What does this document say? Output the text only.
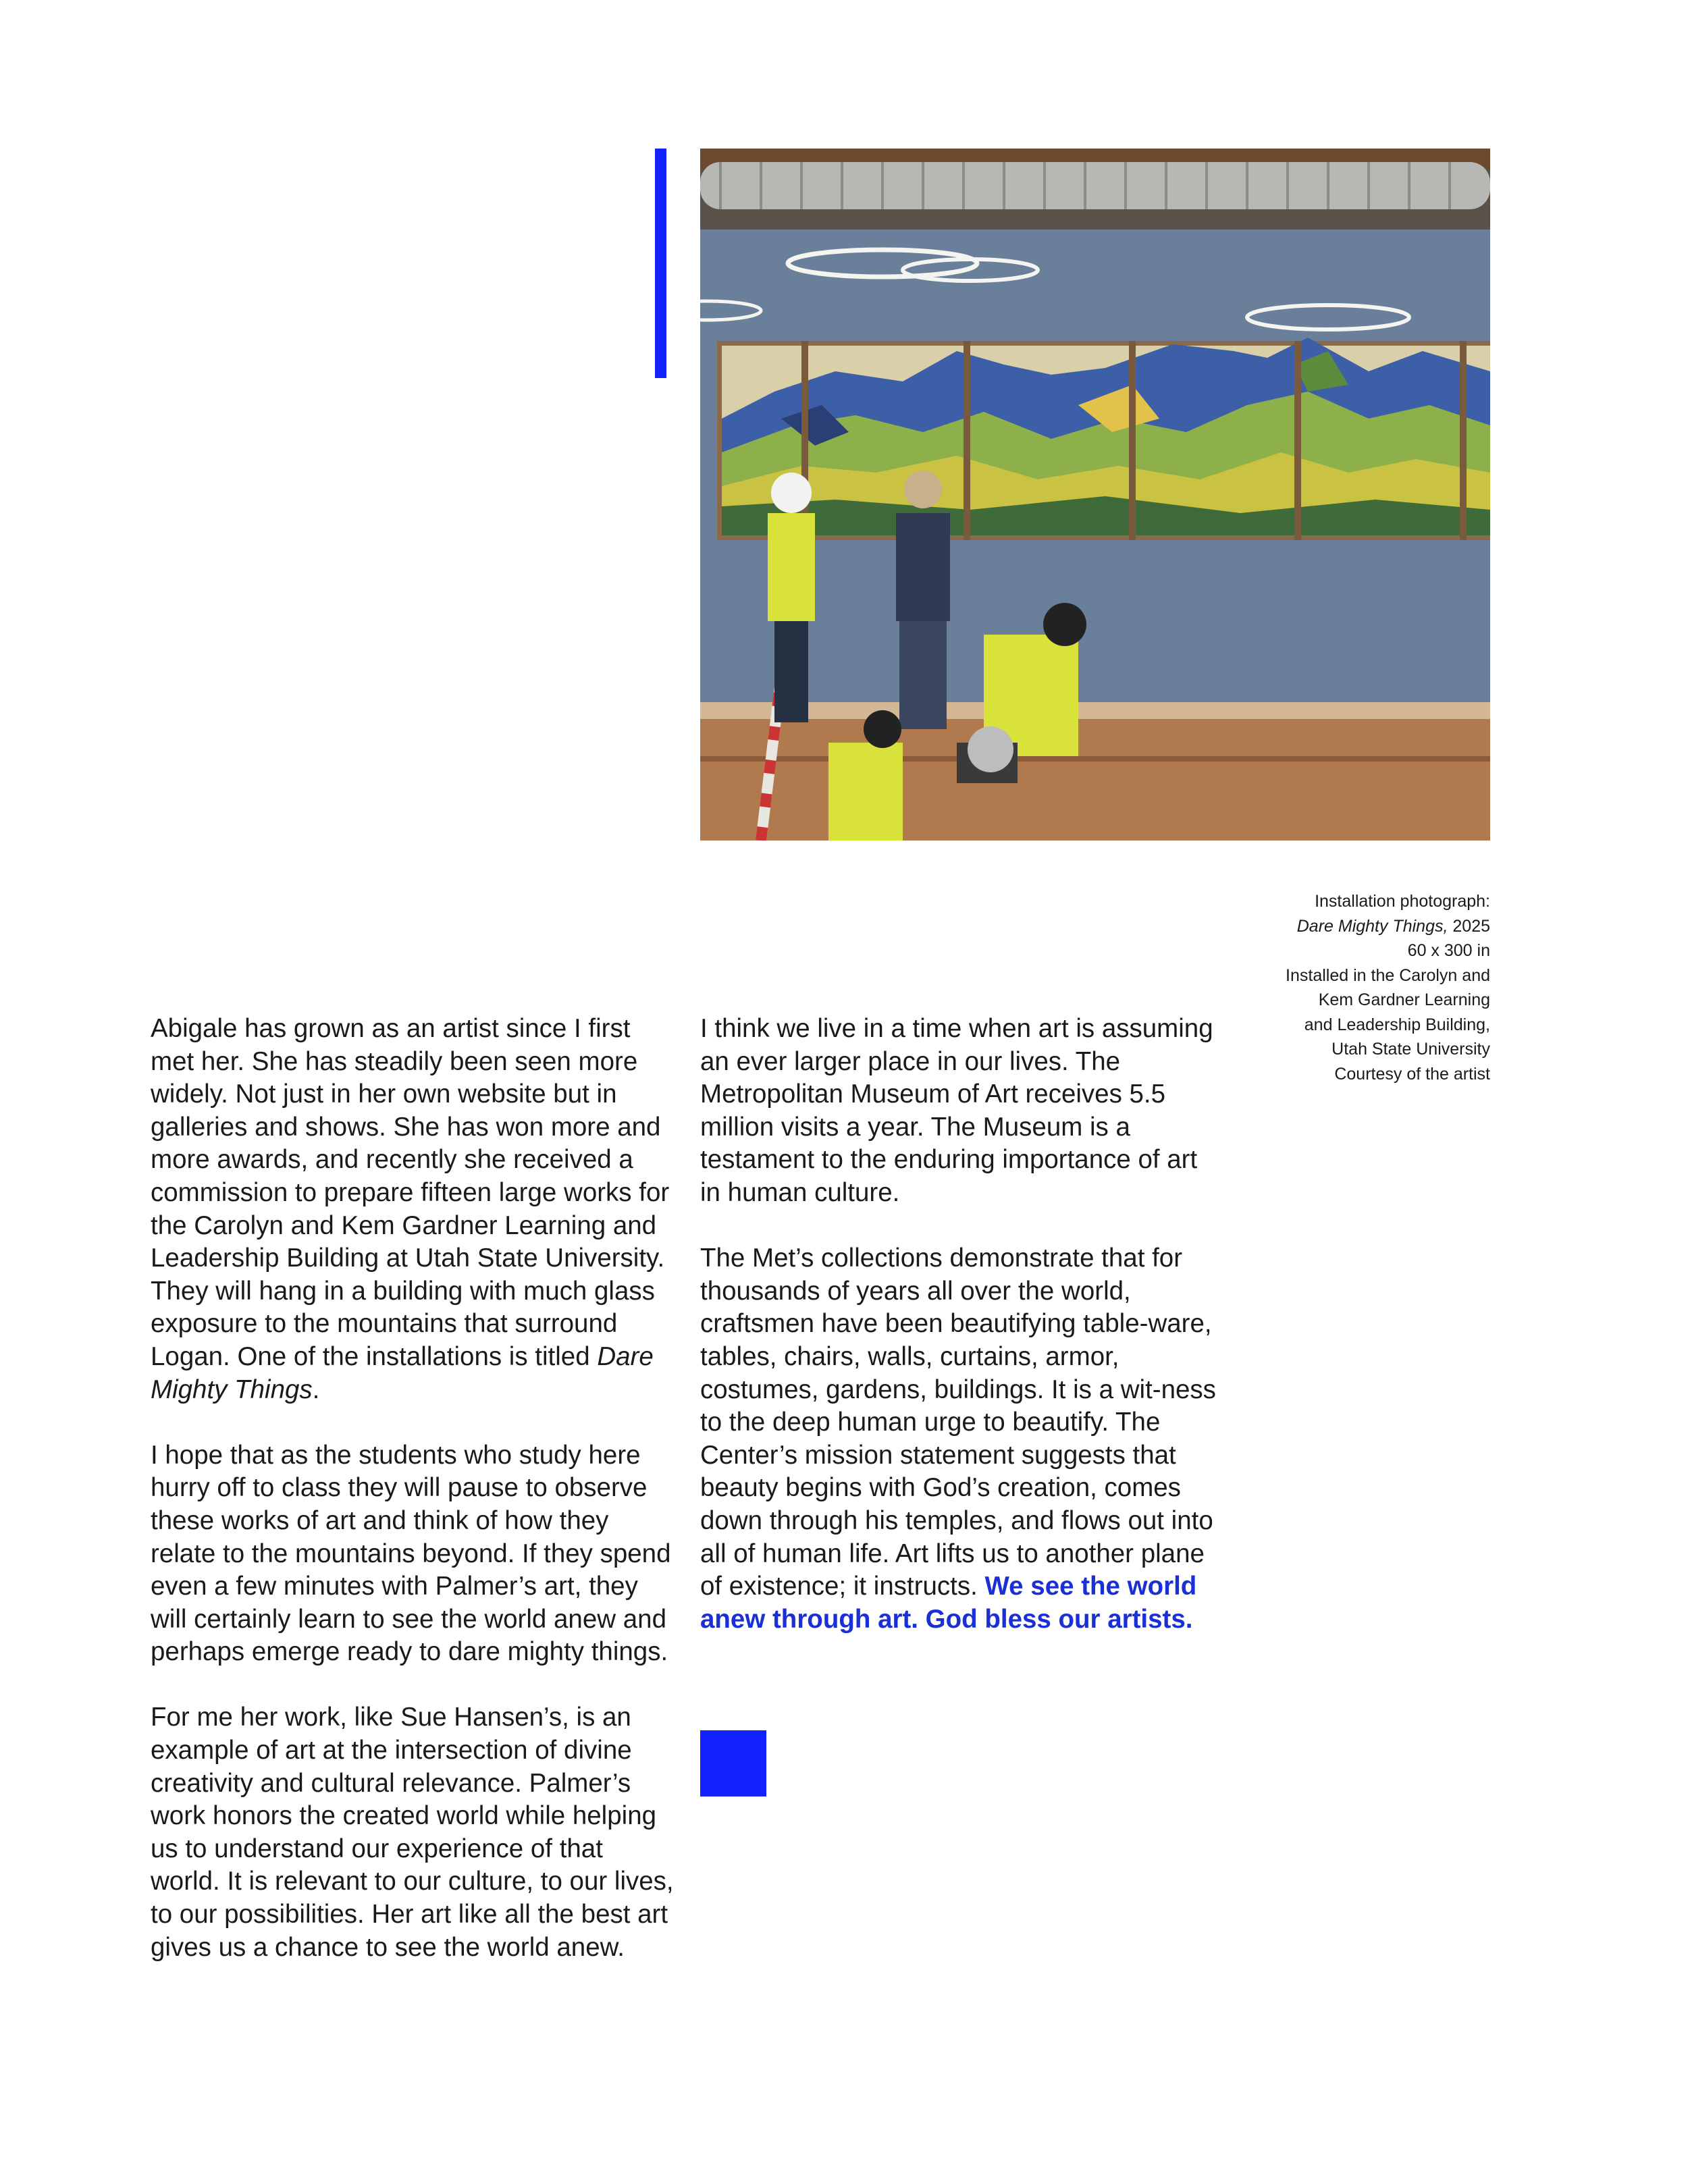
Installation photograph:
Dare Mighty Things, 2025
60 x 300 in
Installed in the Carolyn and
Kem Gardner Learning
and Leadership Building,
Utah State University
Courtesy of the artist

Abigale has grown as an artist since I first met her. She has steadily been seen more widely. Not just in her own website but in galleries and shows. She has won more and more awards, and recently she received a commission to prepare fifteen large works for the Carolyn and Kem Gardner Learning and Leadership Building at Utah State University. They will hang in a building with much glass exposure to the mountains that surround Logan. One of the installations is titled Dare Mighty Things.

I hope that as the students who study here hurry off to class they will pause to observe these works of art and think of how they relate to the mountains beyond. If they spend even a few minutes with Palmer’s art, they will certainly learn to see the world anew and perhaps emerge ready to dare mighty things.

For me her work, like Sue Hansen’s, is an example of art at the intersection of divine creativity and cultural relevance. Palmer’s work honors the created world while helping us to understand our experience of that world. It is relevant to our culture, to our lives, to our possibilities. Her art like all the best art gives us a chance to see the world anew.

I think we live in a time when art is assuming an ever larger place in our lives. The Metropolitan Museum of Art receives 5.5 million visits a year. The Museum is a testament to the enduring importance of art in human culture.

The Met’s collections demonstrate that for thousands of years all over the world, craftsmen have been beautifying table-ware, tables, chairs, walls, curtains, armor, costumes, gardens, buildings. It is a wit-ness to the deep human urge to beautify. The Center’s mission statement suggests that beauty begins with God’s creation, comes down through his temples, and flows out into all of human life. Art lifts us to another plane of existence; it instructs. We see the world anew through art. God bless our artists.
